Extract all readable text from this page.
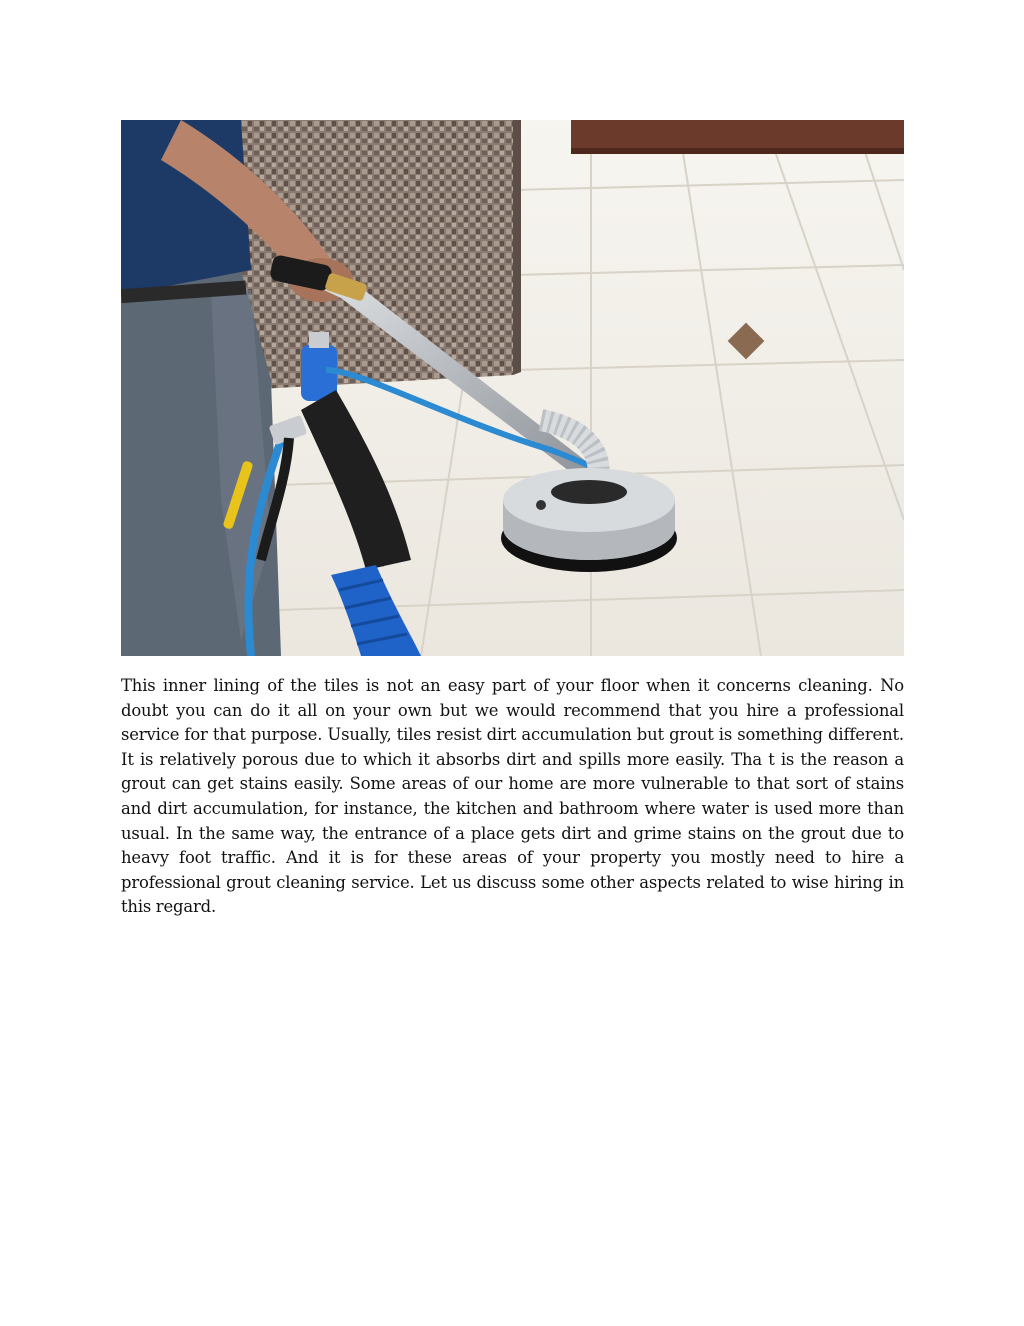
This inner lining of the tiles is not an easy part of your floor when it concerns cleaning. No doubt you can do it all on your own but we would recommend that you hire a professional service for that purpose. Usually, tiles resist dirt accumulation but grout is something different. It is relatively porous due to which it absorbs dirt and spills more easily. Tha t is the reason a grout can get stains easily. Some areas of our home are more vulnerable to that sort of stains and dirt accumulation, for instance, the kitchen and bathroom where water is used more than usual. In the same way, the entrance of a place gets dirt and grime stains on the grout due to heavy foot traffic. And it is for these areas of your property you mostly need to hire a professional grout cleaning service. Let us discuss some other aspects related to wise hiring in this regard.
